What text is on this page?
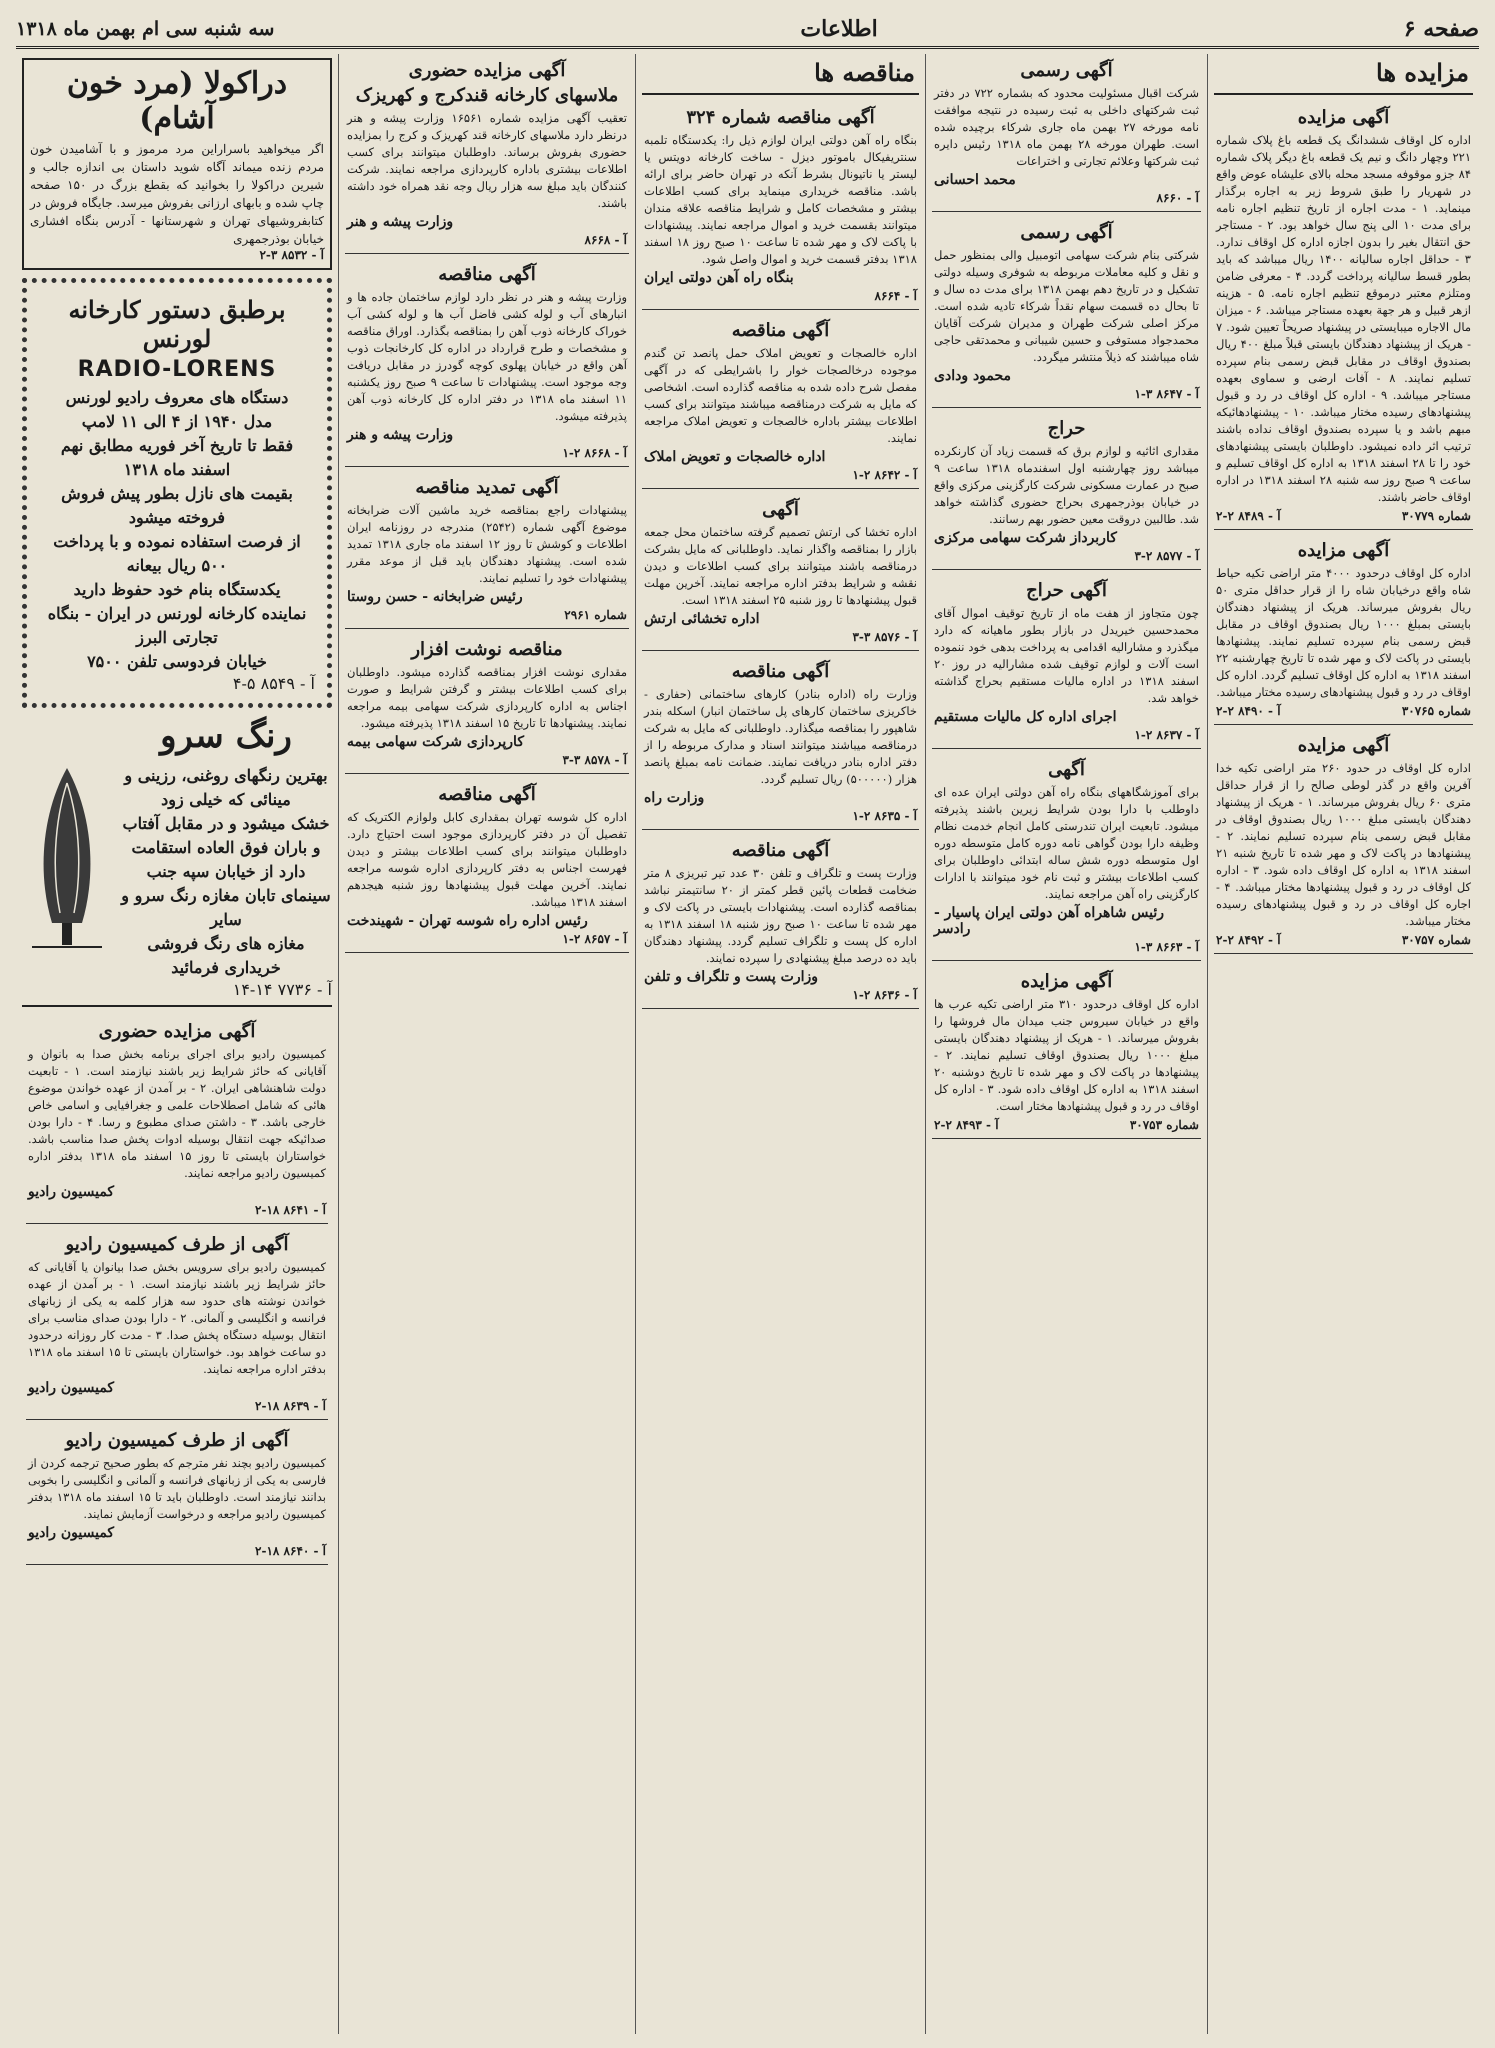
صفحه ۶
اطلاعات
سه شنبه سی ام بهمن ماه ۱۳۱۸
مزایده ها
آگهی مزایده

اداره کل اوقاف ششدانگ یک قطعه باغ پلاک شماره ۲۲۱ وچهار دانگ و نیم یک قطعه باغ دیگر پلاک شماره ۸۴ جزو موقوفه مسجد محله بالای علیشاه عوض واقع در شهریار را طبق شروط زیر به اجاره برگذار مینماید. ۱ - مدت اجاره از تاریخ تنظیم اجاره نامه برای مدت ۱۰ الی پنج سال خواهد بود. ۲ - مستاجر حق انتقال بغیر را بدون اجازه اداره کل اوقاف ندارد. ۳ - حداقل اجاره سالیانه ۱۴۰۰ ریال میباشد که باید بطور قسط سالیانه پرداخت گردد. ۴ - معرفی ضامن ومتلزم معتبر درموقع تنظیم اجاره نامه. ۵ - هزینه ازهر قبیل و هر جهة بعهده مستاجر میباشد. ۶ - میزان مال الاجاره میبایستی در پیشنهاد صریحاً تعیین شود. ۷ - هریک از پیشنهاد دهندگان بایستی قبلاً مبلغ ۴۰۰ ریال بصندوق اوقاف در مقابل قبض رسمی بنام سپرده تسلیم نمایند. ۸ - آفات ارضی و سماوی بعهده مستاجر میباشد. ۹ - اداره کل اوقاف در رد و قبول پیشنهادهای رسیده مختار میباشد. ۱۰ - پیشنهادهائیکه مبهم باشد و یا سپرده بصندوق اوقاف نداده باشند ترتیب اثر داده نمیشود. داوطلبان بایستی پیشنهادهای خود را تا ۲۸ اسفند ۱۳۱۸ به اداره کل اوقاف تسلیم و ساعت ۹ صبح روز سه شنبه ۲۸ اسفند ۱۳۱۸ در اداره اوقاف حاضر باشند.

شماره ۳۰۷۷۹
آ - ۸۴۸۹ ۲-۲
آگهی مزایده

اداره کل اوقاف درحدود ۴۰۰۰ متر اراضی تکیه حیاط شاه واقع درخیابان شاه را از قرار حداقل متری ۵۰ ریال بفروش میرساند. هریک از پیشنهاد دهندگان بایستی بمبلغ ۱۰۰۰ ریال بصندوق اوقاف در مقابل قبض رسمی بنام سپرده تسلیم نمایند. پیشنهادها بایستی در پاکت لاک و مهر شده تا تاریخ چهارشنبه ۲۲ اسفند ۱۳۱۸ به اداره کل اوقاف تسلیم گردد. اداره کل اوقاف در رد و قبول پیشنهادهای رسیده مختار میباشد.

شماره ۳۰۷۶۵
آ - ۸۴۹۰ ۲-۲
آگهی مزایده

اداره کل اوقاف در حدود ۲۶۰ متر اراضی تکیه خدا آفرین واقع در گذر لوطی صالح را از قرار حداقل متری ۶۰ ریال بفروش میرساند. ۱ - هریک از پیشنهاد دهندگان بایستی مبلغ ۱۰۰۰ ریال بصندوق اوقاف در مقابل قبض رسمی بنام سپرده تسلیم نمایند. ۲ - پیشنهادها در پاکت لاک و مهر شده تا تاریخ شنبه ۲۱ اسفند ۱۳۱۸ به اداره کل اوقاف داده شود. ۳ - اداره کل اوقاف در رد و قبول پیشنهادها مختار میباشد. ۴ - اجاره کل اوقاف در رد و قبول پیشنهادهای رسیده مختار میباشد.

شماره ۳۰۷۵۷
آ - ۸۴۹۲ ۲-۲
آگهی رسمی

شرکت اقبال مسئولیت محدود که بشماره ۷۲۲ در دفتر ثبت شرکتهای داخلی به ثبت رسیده در نتیجه موافقت نامه مورخه ۲۷ بهمن ماه جاری شرکاء برچیده شده است. طهران مورخه ۲۸ بهمن ماه ۱۳۱۸ رئیس دایره ثبت شرکتها وعلائم تجارتی و اختراعات

محمد احسانی
آ - ۸۶۶۰
آگهی رسمی

شرکتی بنام شرکت سهامی اتومبیل والی بمنظور حمل و نقل و کلیه معاملات مربوطه به شوفری وسیله دولتی تشکیل و در تاریخ دهم بهمن ۱۳۱۸ برای مدت ده سال و تا بحال ده قسمت سهام نقداً شرکاء تادیه شده است. مرکز اصلی شرکت طهران و مدیران شرکت آقایان محمدجواد مستوفی و حسین شیبانی و محمدتقی حاجی شاه میباشند که ذیلاً منتشر میگردد.

محمود ودادی
آ - ۸۶۴۷ ۳-۱
حراج

مقداری اثاثیه و لوازم برق که قسمت زیاد آن کارنکرده میباشد روز چهارشنبه اول اسفندماه ۱۳۱۸ ساعت ۹ صبح در عمارت مسکونی شرکت کارگزینی مرکزی واقع در خیابان بوذرجمهری بحراج حضوری گذاشته خواهد شد. طالبین دروقت معین حضور بهم رسانند.

کاربرداز شرکت سهامی مرکزی
آ - ۸۵۷۷ ۲-۳
آگهی حراج

چون متجاوز از هفت ماه از تاریخ توقیف اموال آقای محمدحسین خیریدل در بازار بطور ماهیانه که دارد میگذرد و مشارالیه اقدامی به پرداخت بدهی خود ننموده است آلات و لوازم توقیف شده مشارالیه در روز ۲۰ اسفند ۱۳۱۸ در اداره مالیات مستقیم بحراج گذاشته خواهد شد.

اجرای اداره کل مالیات مستقیم
آ - ۸۶۳۷ ۲-۱
آگهی

برای آموزشگاههای بنگاه راه آهن دولتی ایران عده ای داوطلب با دارا بودن شرایط زیرین باشند پذیرفته میشود. تابعیت ایران تندرستی کامل انجام خدمت نظام وظیفه دارا بودن گواهی نامه دوره کامل متوسطه دوره اول متوسطه دوره شش ساله ابتدائی داوطلبان برای کسب اطلاعات بیشتر و ثبت نام خود میتوانند با ادارات کارگزینی راه آهن مراجعه نمایند.

رئیس شاهراه آهن دولتی ایران پاسیار - رادسر
آ - ۸۶۶۳ ۳-۱
آگهی مزایده

اداره کل اوقاف درحدود ۳۱۰ متر اراضی تکیه عرب ها واقع در خیابان سیروس جنب میدان مال فروشها را بفروش میرساند. ۱ - هریک از پیشنهاد دهندگان بایستی مبلغ ۱۰۰۰ ریال بصندوق اوقاف تسلیم نمایند. ۲ - پیشنهادها در پاکت لاک و مهر شده تا تاریخ دوشنبه ۲۰ اسفند ۱۳۱۸ به اداره کل اوقاف داده شود. ۳ - اداره کل اوقاف در رد و قبول پیشنهادها مختار است.

شماره ۳۰۷۵۳
آ - ۸۴۹۳ ۲-۲
مناقصه ها
آگهی مناقصه شماره ۳۲۴

بنگاه راه آهن دولتی ایران لوازم ذیل را: یکدستگاه تلمبه سنتریفیکال باموتور دیزل - ساخت کارخانه دویتس یا لیستر یا ناتیونال بشرط آنکه در تهران حاضر برای ارائه باشد. مناقصه خریداری مینماید برای کسب اطلاعات بیشتر و مشخصات کامل و شرایط مناقصه علاقه مندان میتوانند بقسمت خرید و اموال مراجعه نمایند. پیشنهادات با پاکت لاک و مهر شده تا ساعت ۱۰ صبح روز ۱۸ اسفند ۱۳۱۸ بدفتر قسمت خرید و اموال واصل شود.

بنگاه راه آهن دولتی ایران
آ - ۸۶۶۴
آگهی مناقصه

اداره خالصجات و تعویض املاک حمل پانصد تن گندم موجوده درخالصجات خوار را باشرایطی که در آگهی مفصل شرح داده شده به مناقصه گذارده است. اشخاصی که مایل به شرکت درمناقصه میباشند میتوانند برای کسب اطلاعات بیشتر باداره خالصجات و تعویض املاک مراجعه نمایند.

اداره خالصجات و تعویض املاک
آ - ۸۶۴۲ ۲-۱
آگهی

اداره تخشا کی ارتش تصمیم گرفته ساختمان محل جمعه بازار را بمناقصه واگذار نماید. داوطلبانی که مایل بشرکت درمناقصه باشند میتوانند برای کسب اطلاعات و دیدن نقشه و شرایط بدفتر اداره مراجعه نمایند. آخرین مهلت قبول پیشنهادها تا روز شنبه ۲۵ اسفند ۱۳۱۸ است.

اداره تخشائی ارتش
آ - ۸۵۷۶ ۳-۳
آگهی مناقصه

وزارت راه (اداره بنادر) کارهای ساختمانی (حفاری - خاکریزی ساختمان کارهای پل ساختمان انبار) اسکله بندر شاهپور را بمناقصه میگذارد. داوطلبانی که مایل به شرکت درمناقصه میباشند میتوانند اسناد و مدارک مربوطه را از دفتر اداره بنادر دریافت نمایند. ضمانت نامه بمبلغ پانصد هزار (۵۰۰۰۰۰) ریال تسلیم گردد.

وزارت راه
آ - ۸۶۳۵ ۲-۱
آگهی مناقصه

وزارت پست و تلگراف و تلفن ۳۰ عدد تیر تبریزی ۸ متر ضخامت قطعات پائین قطر کمتر از ۲۰ سانتیمتر نباشد بمناقصه گذارده است. پیشنهادات بایستی در پاکت لاک و مهر شده تا ساعت ۱۰ صبح روز شنبه ۱۸ اسفند ۱۳۱۸ به اداره کل پست و تلگراف تسلیم گردد. پیشنهاد دهندگان باید ده درصد مبلغ پیشنهادی را سپرده نمایند.

وزارت پست و تلگراف و تلفن
آ - ۸۶۳۶ ۲-۱
آگهی مزایده حضوری
ملاسهای کارخانه قندکرج و کهریزک

تعقیب آگهی مزایده شماره ۱۶۵۶۱ وزارت پیشه و هنر درنظر دارد ملاسهای کارخانه قند کهریزک و کرج را بمزایده حضوری بفروش برساند. داوطلبان میتوانند برای کسب اطلاعات بیشتری باداره کارپردازی مراجعه نمایند. شرکت کنندگان باید مبلغ سه هزار ریال وجه نقد همراه خود داشته باشند.

وزارت پیشه و هنر
آ - ۸۶۶۸
آگهی مناقصه

وزارت پیشه و هنر در نظر دارد لوازم ساختمان جاده ها و انبارهای آب و لوله کشی فاضل آب ها و لوله کشی آب خوراک کارخانه ذوب آهن را بمناقصه بگذارد. اوراق مناقصه و مشخصات و طرح قرارداد در اداره کل کارخانجات ذوب آهن واقع در خیابان پهلوی کوچه گودرز در مقابل دریافت وجه موجود است. پیشنهادات تا ساعت ۹ صبح روز یکشنبه ۱۱ اسفند ماه ۱۳۱۸ در دفتر اداره کل کارخانه ذوب آهن پذیرفته میشود.

وزارت پیشه و هنر
آ - ۸۶۶۸ ۲-۱
آگهی تمدید مناقصه

پیشنهادات راجع بمناقصه خرید ماشین آلات ضرابخانه موضوع آگهی شماره (۲۵۴۲) مندرجه در روزنامه ایران اطلاعات و کوشش تا روز ۱۲ اسفند ماه جاری ۱۳۱۸ تمدید شده است. پیشنهاد دهندگان باید قبل از موعد مقرر پیشنهادات خود را تسلیم نمایند.

رئیس ضرابخانه - حسن روستا
شماره ۲۹۶۱
مناقصه نوشت افزار

مقداری نوشت افزار بمناقصه گذارده میشود. داوطلبان برای کسب اطلاعات بیشتر و گرفتن شرایط و صورت اجناس به اداره کارپردازی شرکت سهامی بیمه مراجعه نمایند. پیشنهادها تا تاریخ ۱۵ اسفند ۱۳۱۸ پذیرفته میشود.

کارپردازی شرکت سهامی بیمه
آ - ۸۵۷۸ ۳-۳
آگهی مناقصه

اداره کل شوسه تهران بمقداری کابل ولوازم الکتریک که تفصیل آن در دفتر کارپردازی موجود است احتیاج دارد. داوطلبان میتوانند برای کسب اطلاعات بیشتر و دیدن فهرست اجناس به دفتر کارپردازی اداره شوسه مراجعه نمایند. آخرین مهلت قبول پیشنهادها روز شنبه هیجدهم اسفند ۱۳۱۸ میباشد.

رئیس اداره راه شوسه تهران - شهیندخت
آ - ۸۶۵۷ ۲-۱
دراکولا (مرد خون آشام)

اگر میخواهید باسراراین مرد مرموز و با آشامیدن خون مردم زنده میماند آگاه شوید داستان بی اندازه جالب و شیرین دراکولا را بخوانید که بقطع بزرگ در ۱۵۰ صفحه چاپ شده و بابهای ارزانی بفروش میرسد. جایگاه فروش در کتابفروشیهای تهران و شهرستانها - آدرس بنگاه افشاری خیابان بوذرجمهری

آ - ۸۵۳۲ ۳-۲
برطبق دستور کارخانه لورنس
RADIO-LORENS

دستگاه های معروف رادیو لورنس

مدل ۱۹۴۰ از ۴ الی ۱۱ لامپ

فقط تا تاریخ آخر فوریه مطابق نهم اسفند ماه ۱۳۱۸

بقیمت های نازل بطور پیش فروش فروخته میشود

از فرصت استفاده نموده و با پرداخت ۵۰۰ ریال بیعانه

یکدستگاه بنام خود حفوظ دارید

نماینده کارخانه لورنس در ایران - بنگاه تجارتی البرز

خیابان فردوسی تلفن ۷۵۰۰

آ - ۸۵۴۹ ۵-۴
رنگ سرو

بهترین رنگهای روغنی، رزینی و مینائی که خیلی زود

خشک میشود و در مقابل آفتاب و باران فوق العاده استقامت

دارد از خیابان سپه جنب سینمای تابان مغازه رنگ سرو و سایر

مغازه های رنگ فروشی خریداری فرمائید

آ - ۷۷۳۶ ۱۴-۱۴
آگهی مزایده حضوری

کمیسیون رادیو برای اجرای برنامه بخش صدا به بانوان و آقایانی که حائز شرایط زیر باشند نیازمند است. ۱ - تابعیت دولت شاهنشاهی ایران. ۲ - بر آمدن از عهده خواندن موضوع هائی که شامل اصطلاحات علمی و جغرافیایی و اسامی خاص خارجی باشد. ۳ - داشتن صدای مطبوع و رسا. ۴ - دارا بودن صدائیکه جهت انتقال بوسیله ادوات پخش صدا مناسب باشد. خواستاران بایستی تا روز ۱۵ اسفند ماه ۱۳۱۸ بدفتر اداره کمیسیون رادیو مراجعه نمایند.

کمیسیون رادیو
آ - ۸۶۴۱ ۱۸-۲
آگهی از طرف کمیسیون رادیو

کمیسیون رادیو برای سرویس بخش صدا بیانوان یا آقایانی که حائز شرایط زیر باشند نیازمند است. ۱ - بر آمدن از عهده خواندن نوشته های حدود سه هزار کلمه به یکی از زبانهای فرانسه و انگلیسی و آلمانی. ۲ - دارا بودن صدای مناسب برای انتقال بوسیله دستگاه پخش صدا. ۳ - مدت کار روزانه درحدود دو ساعت خواهد بود. خواستاران بایستی تا ۱۵ اسفند ماه ۱۳۱۸ بدفتر اداره مراجعه نمایند.

کمیسیون رادیو
آ - ۸۶۳۹ ۱۸-۲
آگهی از طرف کمیسیون رادیو

کمیسیون رادیو بچند نفر مترجم که بطور صحیح ترجمه کردن از فارسی به یکی از زبانهای فرانسه و آلمانی و انگلیسی را بخوبی بدانند نیازمند است. داوطلبان باید تا ۱۵ اسفند ماه ۱۳۱۸ بدفتر کمیسیون رادیو مراجعه و درخواست آزمایش نمایند.

کمیسیون رادیو
آ - ۸۶۴۰ ۱۸-۲
